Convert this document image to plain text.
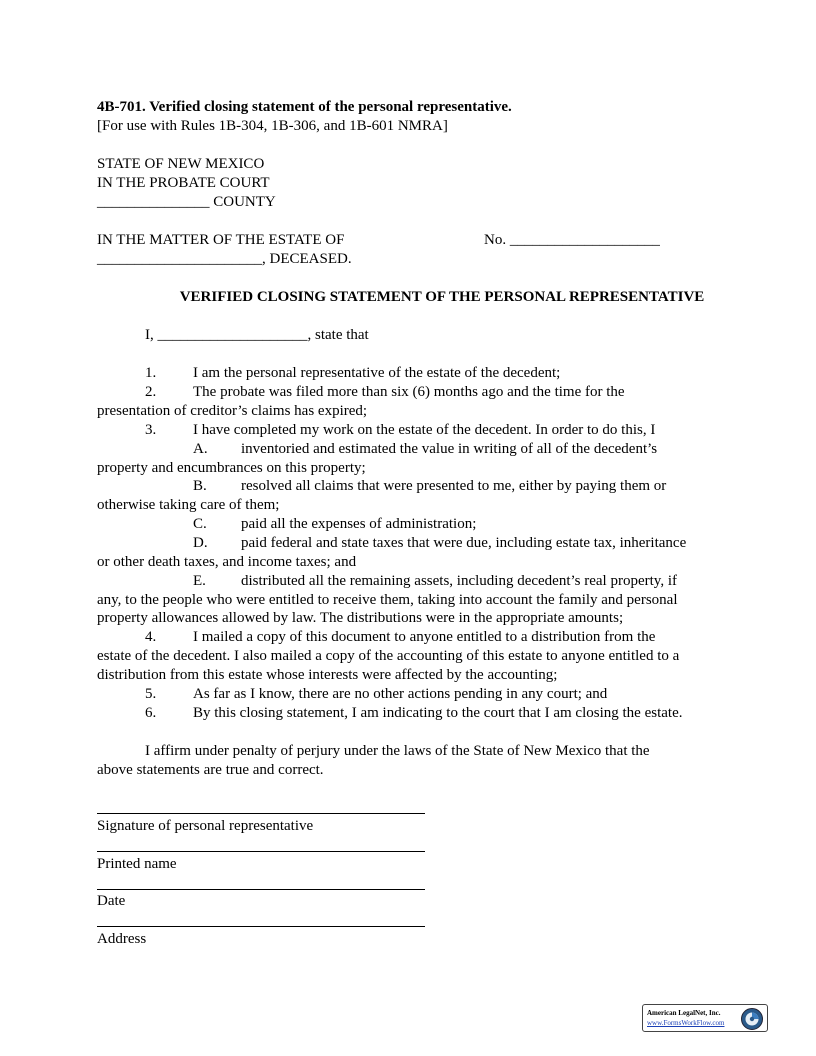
4B-701. Verified closing statement of the personal representative.
[For use with Rules 1B-304, 1B-306, and 1B-601 NMRA]
STATE OF NEW MEXICO
IN THE PROBATE COURT
_______________ COUNTY
IN THE MATTER OF THE ESTATE OF	No. ____________________
______________________, DECEASED.
VERIFIED CLOSING STATEMENT OF THE PERSONAL REPRESENTATIVE
I, ____________________, state that
1. I am the personal representative of the estate of the decedent;
2. The probate was filed more than six (6) months ago and the time for the
presentation of creditor’s claims has expired;
3. I have completed my work on the estate of the decedent. In order to do this, I
A. inventoried and estimated the value in writing of all of the decedent’s
property and encumbrances on this property;
B. resolved all claims that were presented to me, either by paying them or
otherwise taking care of them;
C. paid all the expenses of administration;
D. paid federal and state taxes that were due, including estate tax, inheritance
or other death taxes, and income taxes; and
E. distributed all the remaining assets, including decedent’s real property, if
any, to the people who were entitled to receive them, taking into account the family and personal
property allowances allowed by law. The distributions were in the appropriate amounts;
4. I mailed a copy of this document to anyone entitled to a distribution from the
estate of the decedent. I also mailed a copy of the accounting of this estate to anyone entitled to a
distribution from this estate whose interests were affected by the accounting;
5. As far as I know, there are no other actions pending in any court; and
6. By this closing statement, I am indicating to the court that I am closing the estate.
I affirm under penalty of perjury under the laws of the State of New Mexico that the
above statements are true and correct.
Signature of personal representative
Printed name
Date
Address
American LegalNet, Inc.
www.FormsWorkFlow.com
